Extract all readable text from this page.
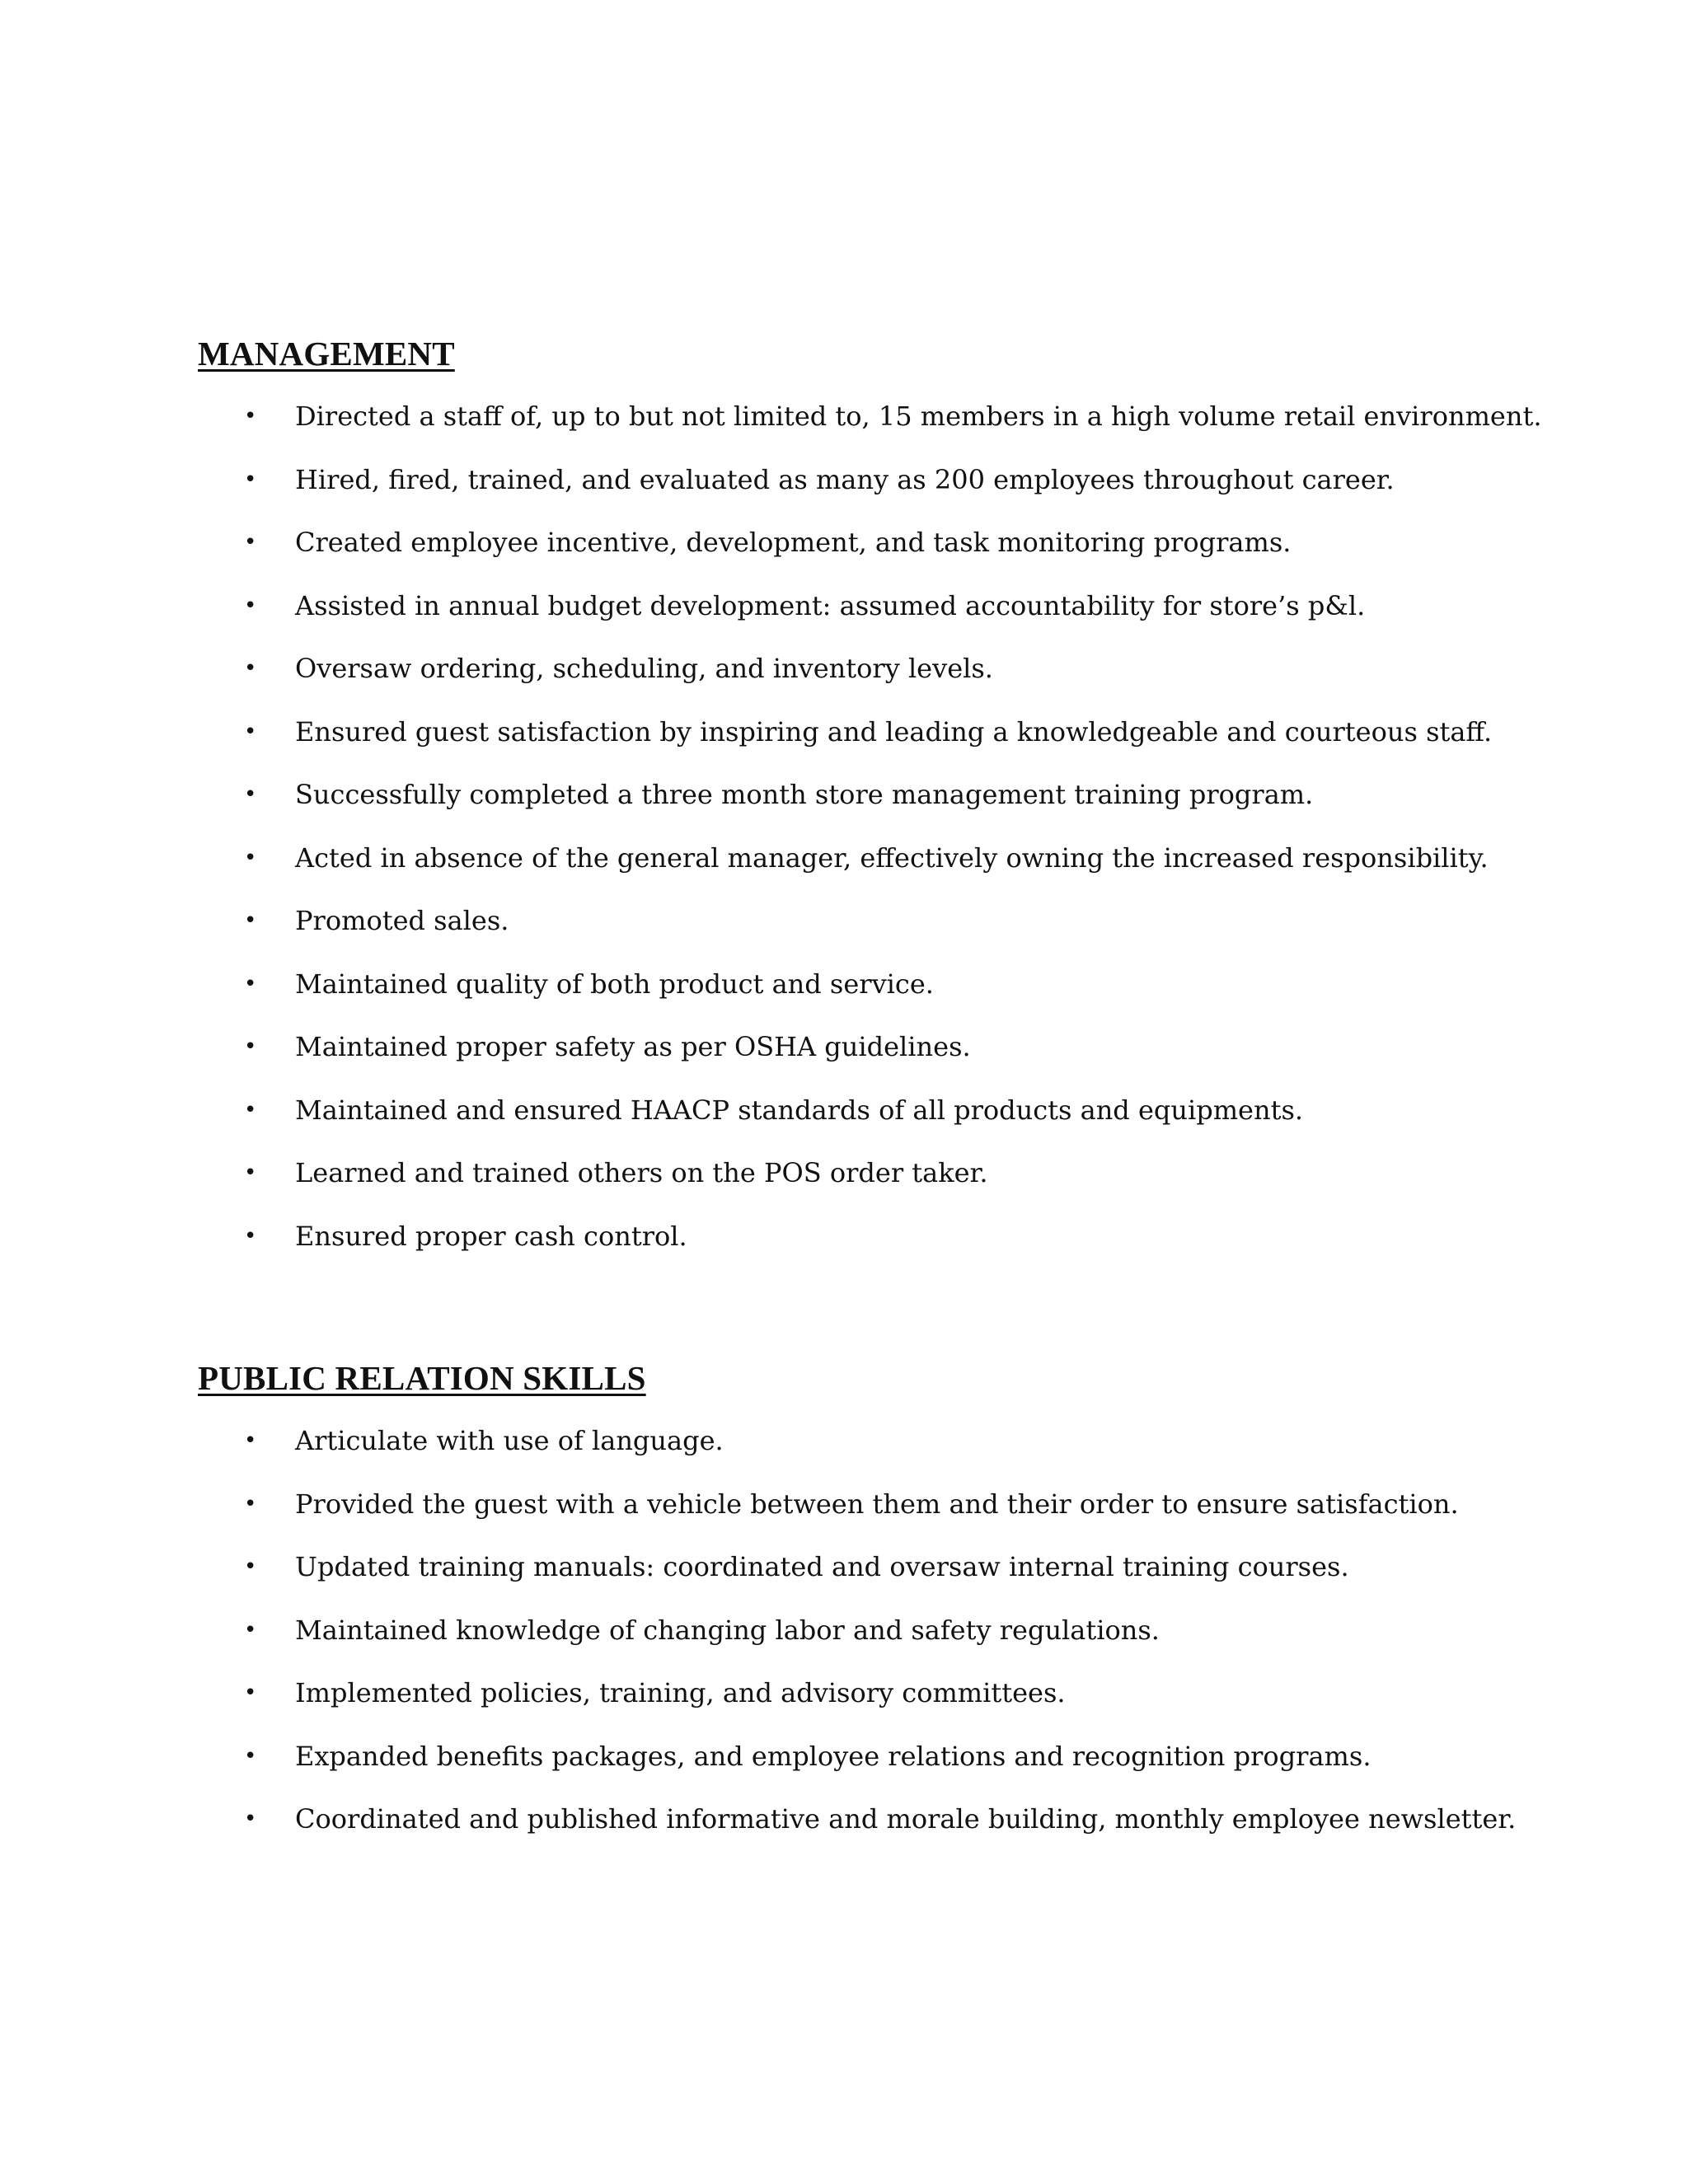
MANAGEMENT
• Directed a staff of, up to but not limited to, 15 members in a high volume retail environment.
• Hired, fired, trained, and evaluated as many as 200 employees throughout career.
• Created employee incentive, development, and task monitoring programs.
• Assisted in annual budget development: assumed accountability for store’s p&l.
• Oversaw ordering, scheduling, and inventory levels.
• Ensured guest satisfaction by inspiring and leading a knowledgeable and courteous staff.
• Successfully completed a three month store management training program.
• Acted in absence of the general manager, effectively owning the increased responsibility.
• Promoted sales.
• Maintained quality of both product and service.
• Maintained proper safety as per OSHA guidelines.
• Maintained and ensured HAACP standards of all products and equipments.
• Learned and trained others on the POS order taker.
• Ensured proper cash control.
PUBLIC RELATION SKILLS
• Articulate with use of language.
• Provided the guest with a vehicle between them and their order to ensure satisfaction.
• Updated training manuals: coordinated and oversaw internal training courses.
• Maintained knowledge of changing labor and safety regulations.
• Implemented policies, training, and advisory committees.
• Expanded benefits packages, and employee relations and recognition programs.
• Coordinated and published informative and morale building, monthly employee newsletter.
